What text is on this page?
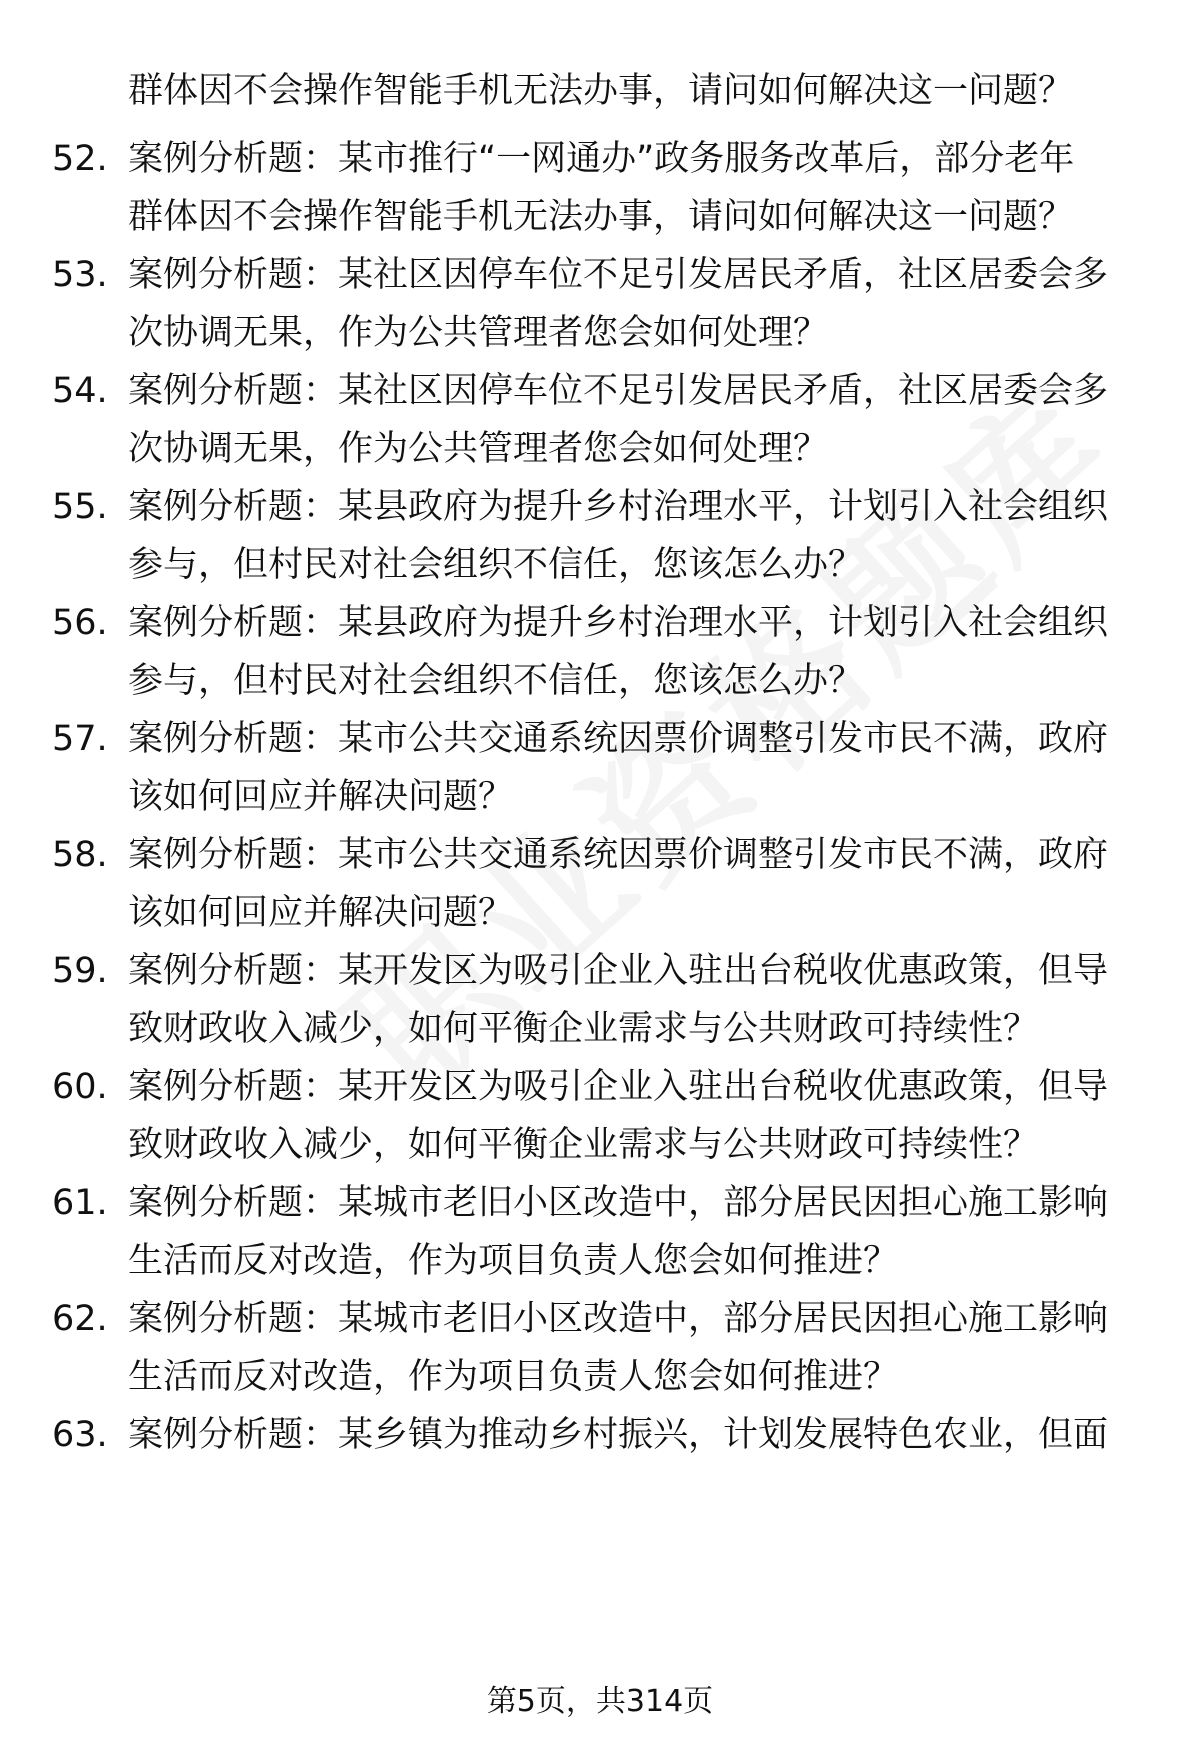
群体因不会操作智能手机无法办事，请问如何解决这一问题？
52. 案例分析题：某市推行“一网通办”政务服务改革后，部分老年
群体因不会操作智能手机无法办事，请问如何解决这一问题？
53. 案例分析题：某社区因停车位不足引发居民矛盾，社区居委会多
次协调无果，作为公共管理者您会如何处理？
54. 案例分析题：某社区因停车位不足引发居民矛盾，社区居委会多
次协调无果，作为公共管理者您会如何处理？
55. 案例分析题：某县政府为提升乡村治理水平，计划引入社会组织
参与，但村民对社会组织不信任，您该怎么办？
56. 案例分析题：某县政府为提升乡村治理水平，计划引入社会组织
参与，但村民对社会组织不信任，您该怎么办？
57. 案例分析题：某市公共交通系统因票价调整引发市民不满，政府
该如何回应并解决问题？
58. 案例分析题：某市公共交通系统因票价调整引发市民不满，政府
该如何回应并解决问题？
59. 案例分析题：某开发区为吸引企业入驻出台税收优惠政策，但导
致财政收入减少，如何平衡企业需求与公共财政可持续性？
60. 案例分析题：某开发区为吸引企业入驻出台税收优惠政策，但导
致财政收入减少，如何平衡企业需求与公共财政可持续性？
61. 案例分析题：某城市老旧小区改造中，部分居民因担心施工影响
生活而反对改造，作为项目负责人您会如何推进？
62. 案例分析题：某城市老旧小区改造中，部分居民因担心施工影响
生活而反对改造，作为项目负责人您会如何推进？
63. 案例分析题：某乡镇为推动乡村振兴，计划发展特色农业，但面
第5页，共314页
